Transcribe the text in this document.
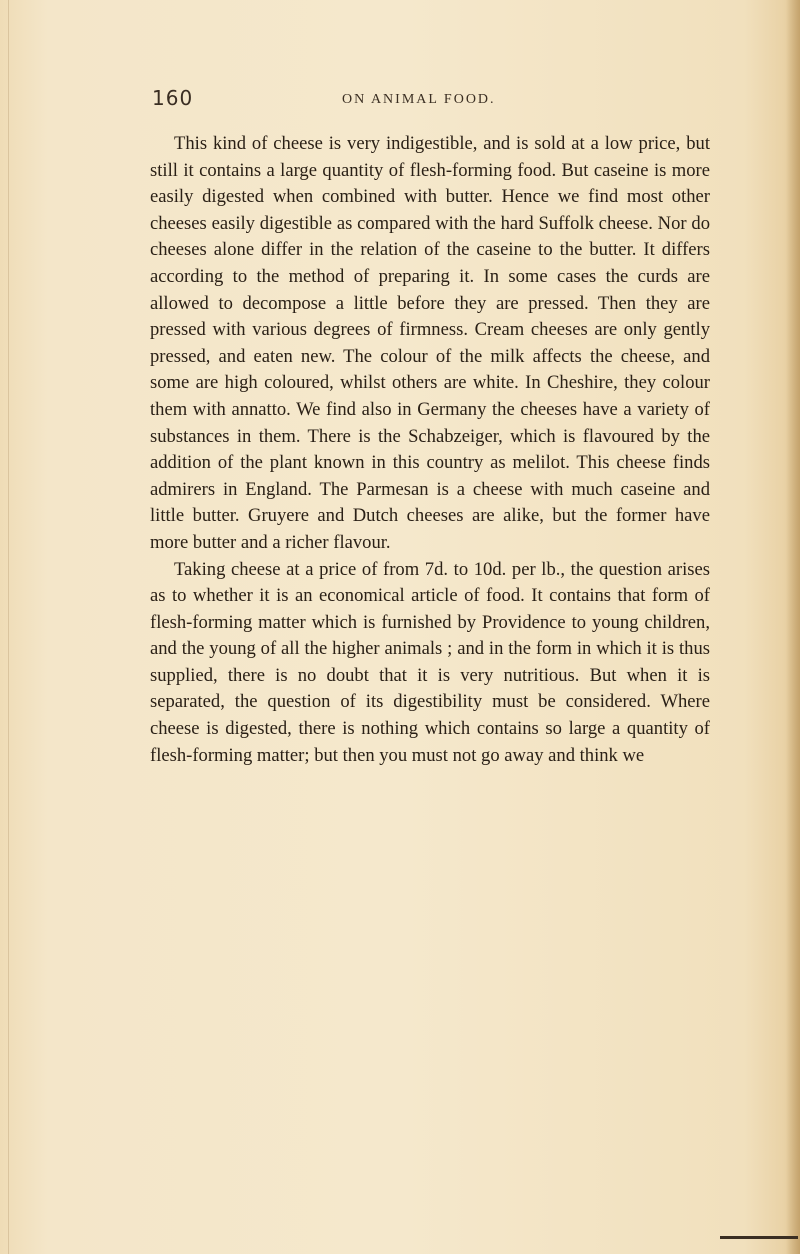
160	ON ANIMAL FOOD.

This kind of cheese is very indigestible, and is sold at a low price, but still it contains a large quantity of flesh-forming food. But caseine is more easily digested when combined with butter. Hence we find most other cheeses easily digestible as compared with the hard Suffolk cheese. Nor do cheeses alone differ in the relation of the caseine to the butter. It differs according to the method of preparing it. In some cases the curds are allowed to decompose a little before they are pressed. Then they are pressed with various degrees of firmness. Cream cheeses are only gently pressed, and eaten new. The colour of the milk affects the cheese, and some are high coloured, whilst others are white. In Cheshire, they colour them with annatto. We find also in Germany the cheeses have a variety of substances in them. There is the Schabzeiger, which is flavoured by the addition of the plant known in this country as melilot. This cheese finds admirers in England. The Parmesan is a cheese with much caseine and little butter. Gruyere and Dutch cheeses are alike, but the former have more butter and a richer flavour.

Taking cheese at a price of from 7d. to 10d. per lb., the question arises as to whether it is an economical article of food. It contains that form of flesh-forming matter which is furnished by Providence to young children, and the young of all the higher animals ; and in the form in which it is thus supplied, there is no doubt that it is very nutritious. But when it is separated, the question of its digestibility must be considered. Where cheese is digested, there is nothing which contains so large a quantity of flesh-forming matter; but then you must not go away and think we
